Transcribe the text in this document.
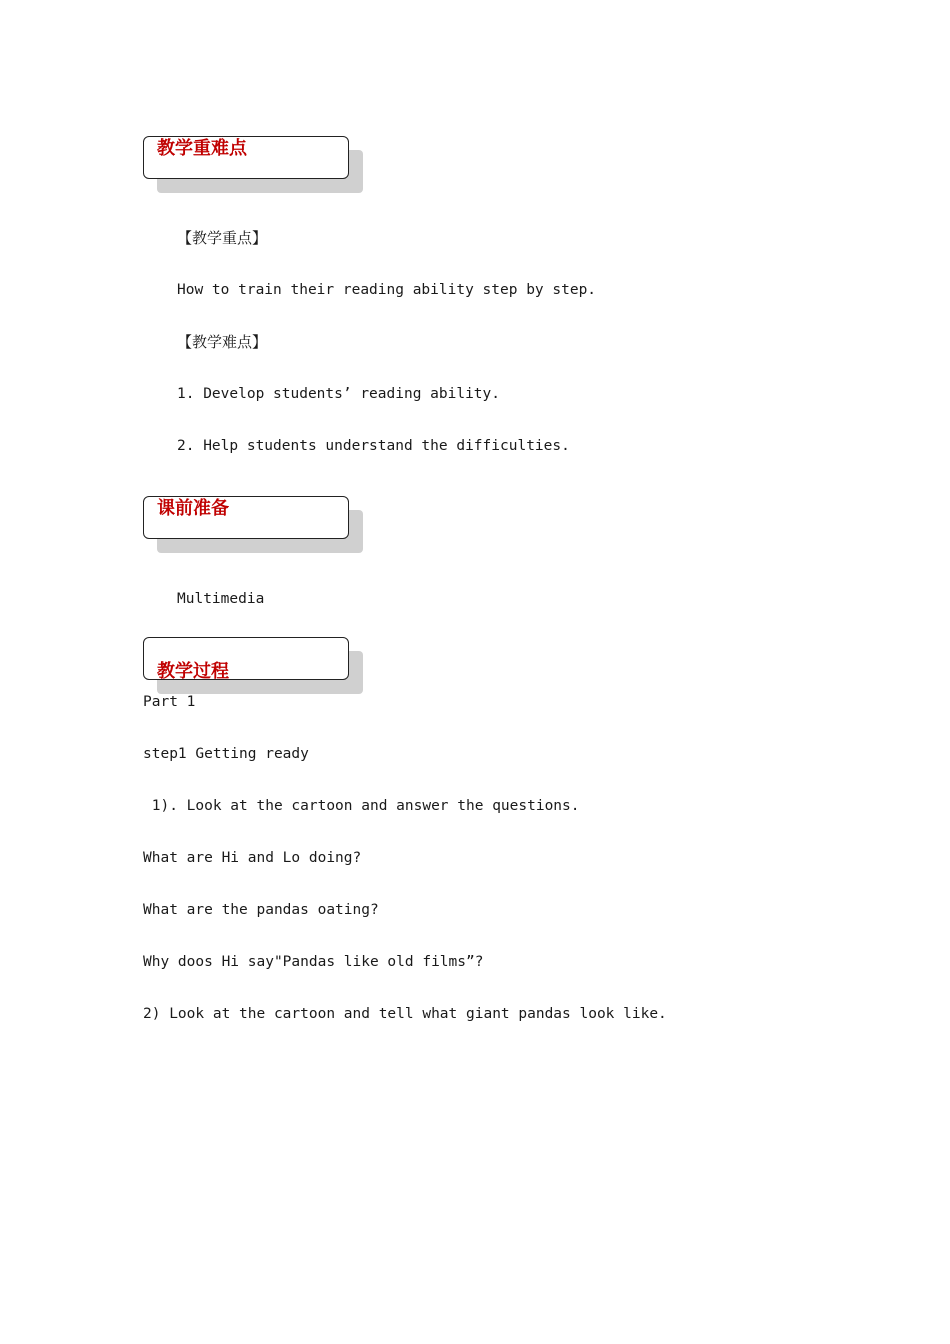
教学重难点
【教学重点】
How to train their reading ability step by step.
【教学难点】
1. Develop students’ reading ability.
2. Help students understand the difficulties.
课前准备
Multimedia
教学过程
Part 1
step1 Getting ready
1). Look at the cartoon and answer the questions.
What are Hi and Lo doing?
What are the pandas oating?
Why doos Hi say"Pandas like old films”?
2) Look at the cartoon and tell what giant pandas look like.
